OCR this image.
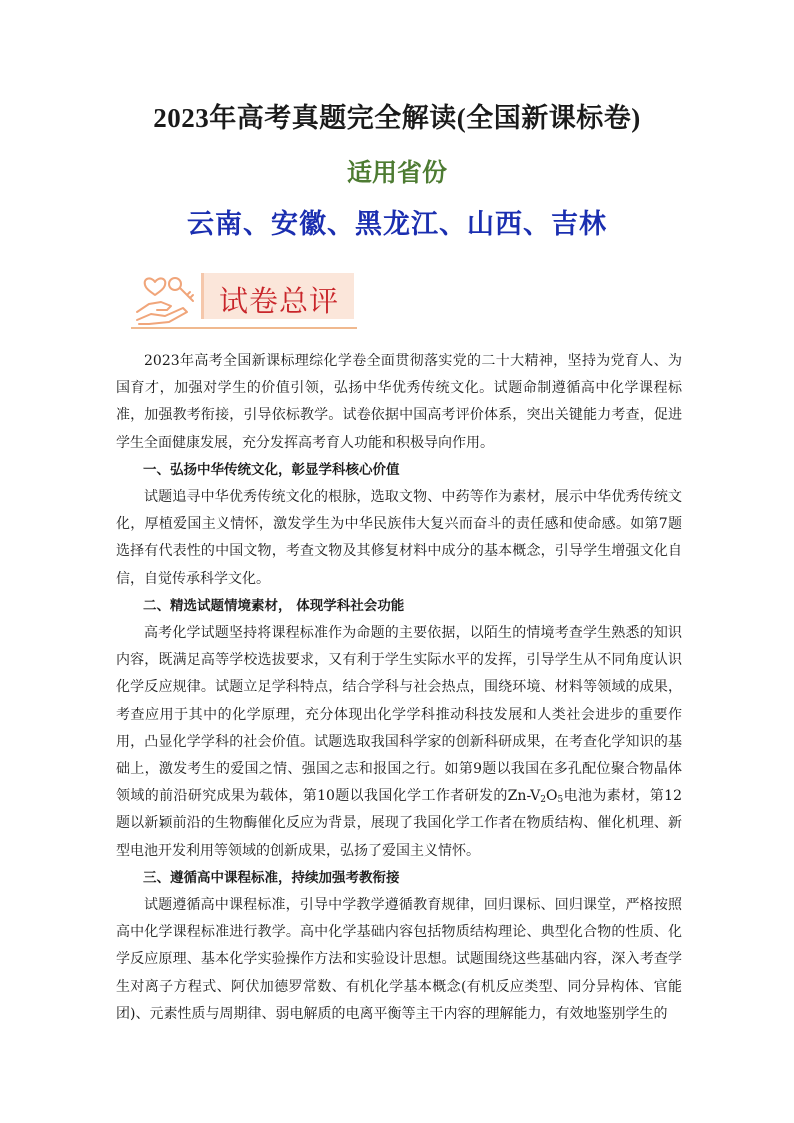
2023年高考真题完全解读(全国新课标卷)
适用省份
云南、安徽、黑龙江、山西、吉林
试卷总评

2023年高考全国新课标理综化学卷全面贯彻落实党的二十大精神，坚持为党育人、为国育才，加强对学生的价值引领，弘扬中华优秀传统文化。试题命制遵循高中化学课程标准，加强教考衔接，引导依标教学。试卷依据中国高考评价体系，突出关键能力考查，促进学生全面健康发展，充分发挥高考育人功能和积极导向作用。

一、弘扬中华传统文化，彰显学科核心价值

试题追寻中华优秀传统文化的根脉，选取文物、中药等作为素材，展示中华优秀传统文化，厚植爱国主义情怀，激发学生为中华民族伟大复兴而奋斗的责任感和使命感。如第7题选择有代表性的中国文物，考查文物及其修复材料中成分的基本概念，引导学生增强文化自信，自觉传承科学文化。

二、精选试题情境素材， 体现学科社会功能

高考化学试题坚持将课程标准作为命题的主要依据，以陌生的情境考查学生熟悉的知识内容，既满足高等学校选拔要求，又有利于学生实际水平的发挥，引导学生从不同角度认识化学反应规律。试题立足学科特点，结合学科与社会热点，围绕环境、材料等领域的成果，考查应用于其中的化学原理，充分体现出化学学科推动科技发展和人类社会进步的重要作用，凸显化学学科的社会价值。试题选取我国科学家的创新科研成果，在考查化学知识的基础上，激发考生的爱国之情、强国之志和报国之行。如第9题以我国在多孔配位聚合物晶体领域的前沿研究成果为载体，第10题以我国化学工作者研发的$Zn-V_2O_5$电池为素材，第12题以新颖前沿的生物酶催化反应为背景，展现了我国化学工作者在物质结构、催化机理、新型电池开发利用等领域的创新成果，弘扬了爱国主义情怀。

三、遵循高中课程标准，持续加强考教衔接

试题遵循高中课程标准，引导中学教学遵循教育规律，回归课标、回归课堂，严格按照高中化学课程标准进行教学。高中化学基础内容包括物质结构理论、典型化合物的性质、化学反应原理、基本化学实验操作方法和实验设计思想。试题围绕这些基础内容，深入考查学生对离子方程式、阿伏加德罗常数、有机化学基本概念(有机反应类型、同分异构体、官能团)、元素性质与周期律、弱电解质的电离平衡等主干内容的理解能力，有效地鉴别学生的
